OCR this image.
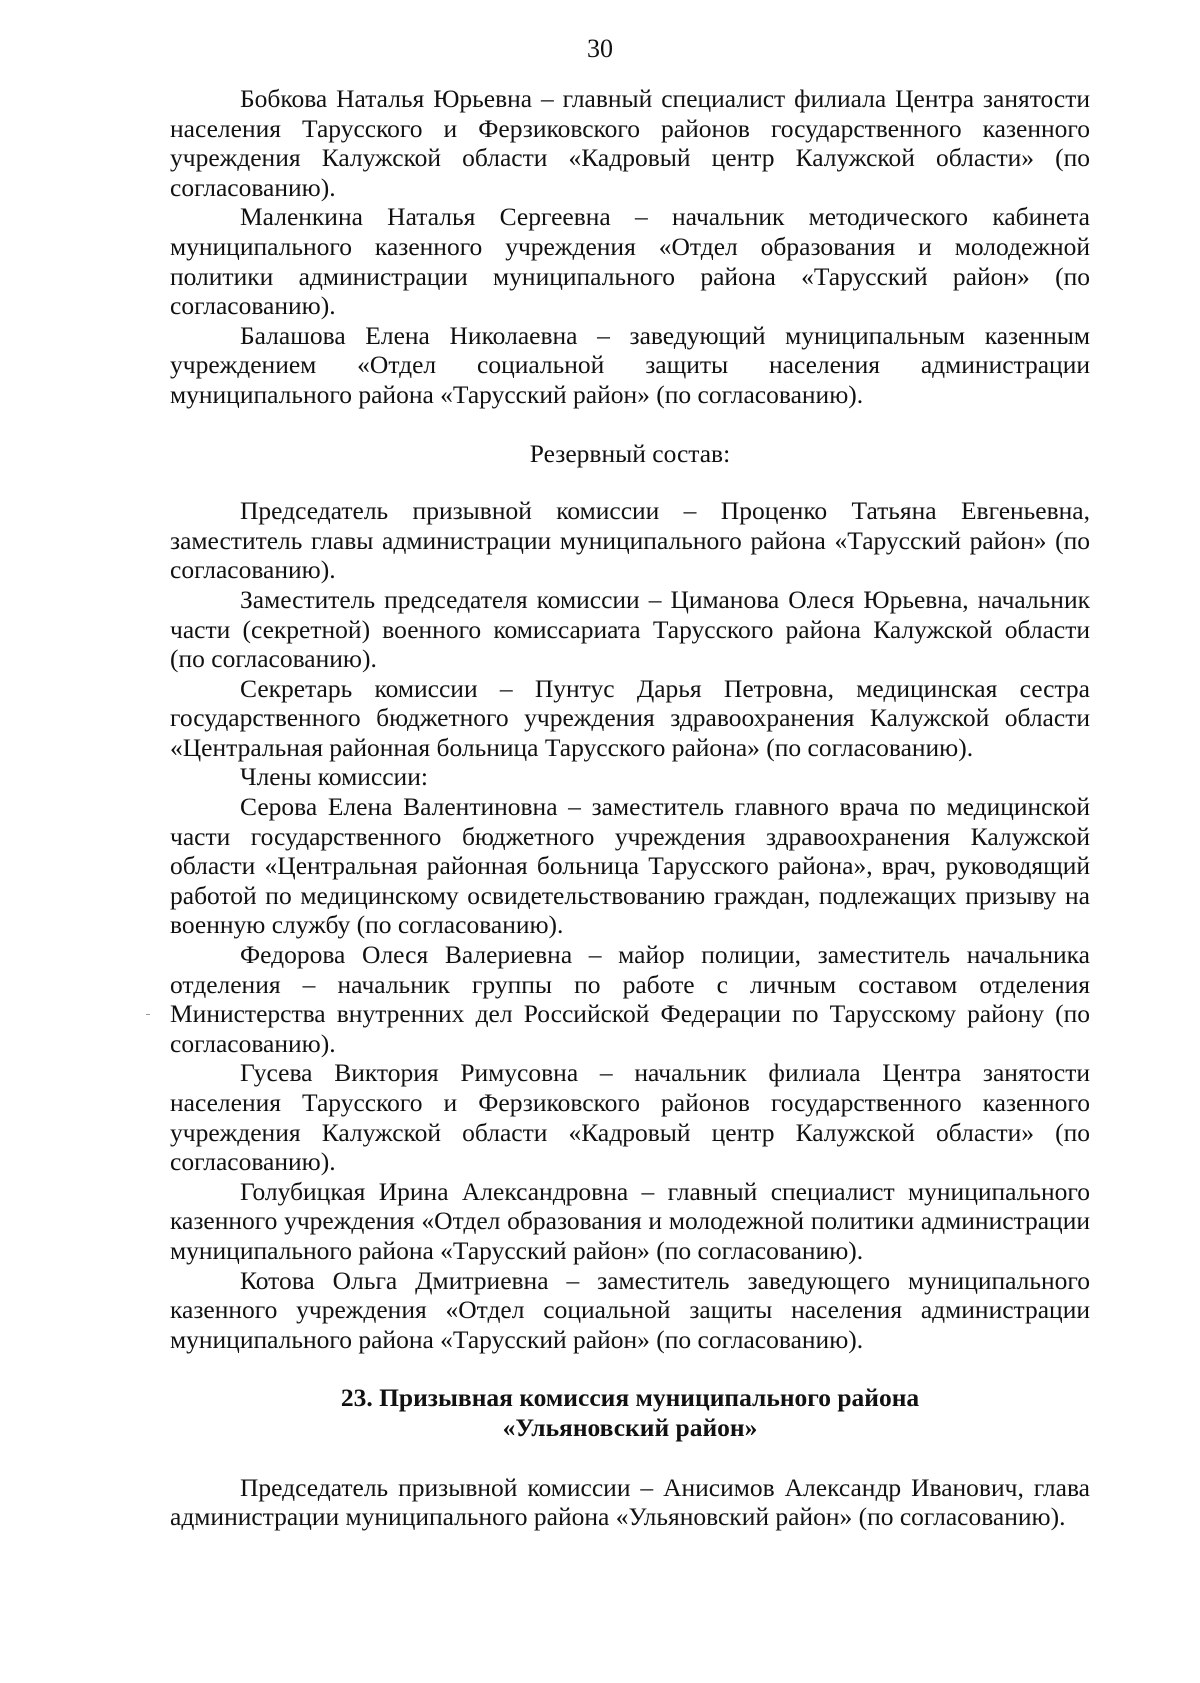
30

Бобкова Наталья Юрьевна – главный специалист филиала Центра занятости населения Тарусского и Ферзиковского районов государственного казенного учреждения Калужской области «Кадровый центр Калужской области» (по согласованию).

Маленкина Наталья Сергеевна – начальник методического кабинета муниципального казенного учреждения «Отдел образования и молодежной политики администрации муниципального района «Тарусский район» (по согласованию).

Балашова Елена Николаевна – заведующий муниципальным казенным учреждением «Отдел социальной защиты населения администрации муниципального района «Тарусский район» (по согласованию).

Резервный состав:

Председатель призывной комиссии – Проценко Татьяна Евгеньевна, заместитель главы администрации муниципального района «Тарусский район» (по согласованию).

Заместитель председателя комиссии – Циманова Олеся Юрьевна, начальник части (секретной) военного комиссариата Тарусского района Калужской области (по согласованию).

Секретарь комиссии – Пунтус Дарья Петровна, медицинская сестра государственного бюджетного учреждения здравоохранения Калужской области «Центральная районная больница Тарусского района» (по согласованию).

Члены комиссии:

Серова Елена Валентиновна – заместитель главного врача по медицинской части государственного бюджетного учреждения здравоохранения Калужской области «Центральная районная больница Тарусского района», врач, руководящий работой по медицинскому освидетельствованию граждан, подлежащих призыву на военную службу (по согласованию).

Федорова Олеся Валериевна – майор полиции, заместитель начальника отделения – начальник группы по работе с личным составом отделения Министерства внутренних дел Российской Федерации по Тарусскому району (по согласованию).

Гусева Виктория Римусовна – начальник филиала Центра занятости населения Тарусского и Ферзиковского районов государственного казенного учреждения Калужской области «Кадровый центр Калужской области» (по согласованию).

Голубицкая Ирина Александровна – главный специалист муниципального казенного учреждения «Отдел образования и молодежной политики администрации муниципального района «Тарусский район» (по согласованию).

Котова Ольга Дмитриевна – заместитель заведующего муниципального казенного учреждения «Отдел социальной защиты населения администрации муниципального района «Тарусский район» (по согласованию).

23. Призывная комиссия муниципального района

«Ульяновский район»

Председатель призывной комиссии – Анисимов Александр Иванович, глава администрации муниципального района «Ульяновский район» (по согласованию).
